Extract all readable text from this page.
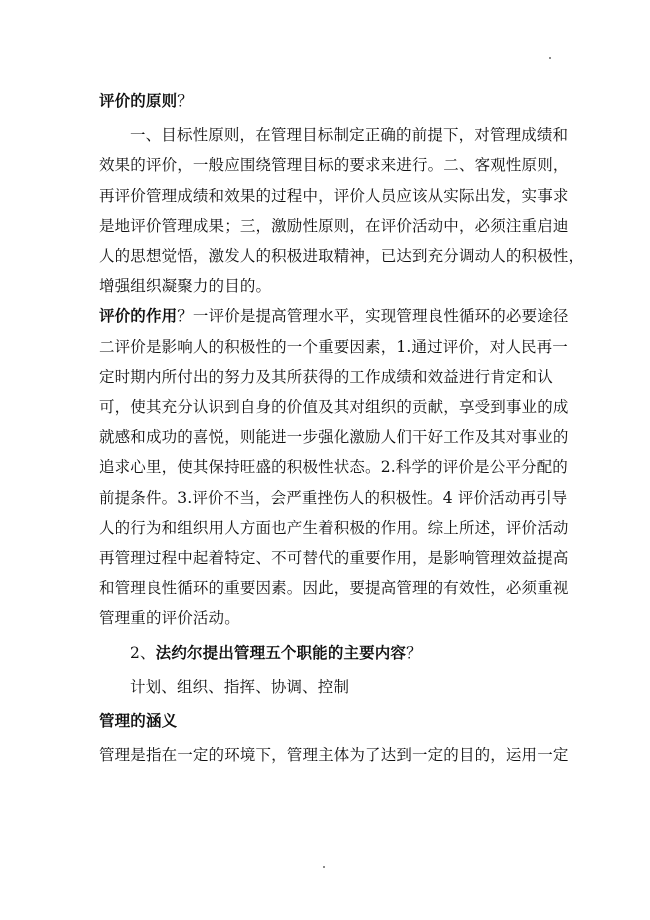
评价的原则？
一、目标性原则，在管理目标制定正确的前提下，对管理成绩和
效果的评价，一般应围绕管理目标的要求来进行。二、客观性原则，
再评价管理成绩和效果的过程中，评价人员应该从实际出发，实事求
是地评价管理成果；三，激励性原则，在评价活动中，必须注重启迪
人的思想觉悟，激发人的积极进取精神，已达到充分调动人的积极性，
增强组织凝聚力的目的。
评价的作用？一评价是提高管理水平，实现管理良性循环的必要途径
二评价是影响人的积极性的一个重要因素，1.通过评价，对人民再一
定时期内所付出的努力及其所获得的工作成绩和效益进行肯定和认
可，使其充分认识到自身的价值及其对组织的贡献，享受到事业的成
就感和成功的喜悦，则能进一步强化激励人们干好工作及其对事业的
追求心里，使其保持旺盛的积极性状态。2.科学的评价是公平分配的
前提条件。3.评价不当，会严重挫伤人的积极性。4 评价活动再引导
人的行为和组织用人方面也产生着积极的作用。综上所述，评价活动
再管理过程中起着特定、不可替代的重要作用，是影响管理效益提高
和管理良性循环的重要因素。因此，要提高管理的有效性，必须重视
管理重的评价活动。
2、法约尔提出管理五个职能的主要内容？
计划、组织、指挥、协调、控制
管理的涵义
管理是指在一定的环境下，管理主体为了达到一定的目的，运用一定
